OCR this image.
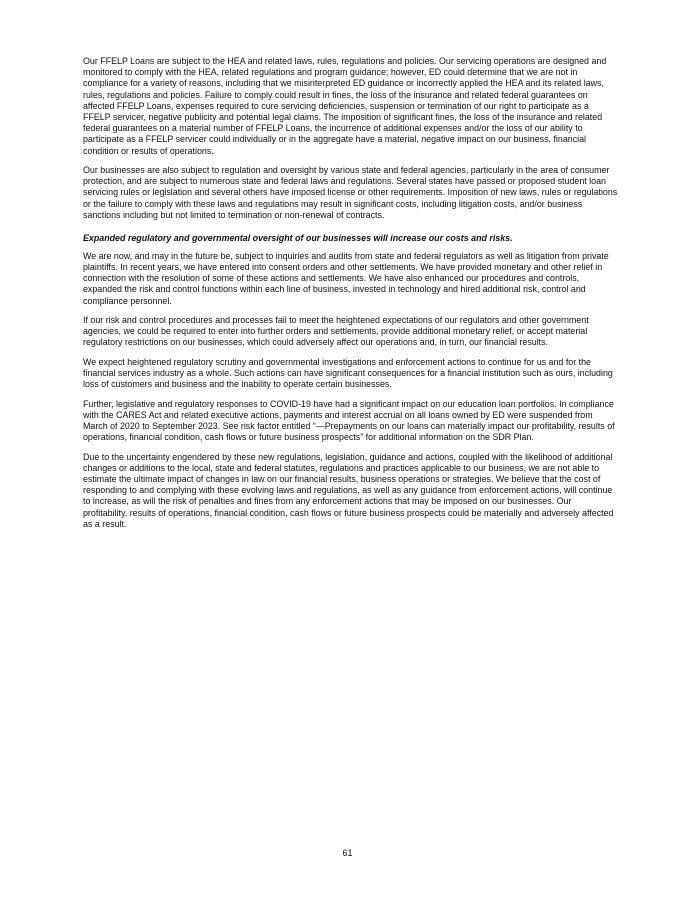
Our FFELP Loans are subject to the HEA and related laws, rules, regulations and policies. Our servicing operations are designed and monitored to comply with the HEA, related regulations and program guidance; however, ED could determine that we are not in compliance for a variety of reasons, including that we misinterpreted ED guidance or incorrectly applied the HEA and its related laws, rules, regulations and policies. Failure to comply could result in fines, the loss of the insurance and related federal guarantees on affected FFELP Loans, expenses required to cure servicing deficiencies, suspension or termination of our right to participate as a FFELP servicer, negative publicity and potential legal claims. The imposition of significant fines, the loss of the insurance and related federal guarantees on a material number of FFELP Loans, the incurrence of additional expenses and/or the loss of our ability to participate as a FFELP servicer could individually or in the aggregate have a material, negative impact on our business, financial condition or results of operations.

Our businesses are also subject to regulation and oversight by various state and federal agencies, particularly in the area of consumer protection, and are subject to numerous state and federal laws and regulations. Several states have passed or proposed student loan servicing rules or legislation and several others have imposed license or other requirements. Imposition of new laws, rules or regulations or the failure to comply with these laws and regulations may result in significant costs, including litigation costs, and/or business sanctions including but not limited to termination or non-renewal of contracts.

Expanded regulatory and governmental oversight of our businesses will increase our costs and risks.

We are now, and may in the future be, subject to inquiries and audits from state and federal regulators as well as litigation from private plaintiffs. In recent years, we have entered into consent orders and other settlements. We have provided monetary and other relief in connection with the resolution of some of these actions and settlements. We have also enhanced our procedures and controls, expanded the risk and control functions within each line of business, invested in technology and hired additional risk, control and compliance personnel.

If our risk and control procedures and processes fail to meet the heightened expectations of our regulators and other government agencies, we could be required to enter into further orders and settlements, provide additional monetary relief, or accept material regulatory restrictions on our businesses, which could adversely affect our operations and, in turn, our financial results.

We expect heightened regulatory scrutiny and governmental investigations and enforcement actions to continue for us and for the financial services industry as a whole. Such actions can have significant consequences for a financial institution such as ours, including loss of customers and business and the inability to operate certain businesses.

Further, legislative and regulatory responses to COVID-19 have had a significant impact on our education loan portfolios. In compliance with the CARES Act and related executive actions, payments and interest accrual on all loans owned by ED were suspended from March of 2020 to September 2023. See risk factor entitled “—Prepayments on our loans can materially impact our profitability, results of operations, financial condition, cash flows or future business prospects” for additional information on the SDR Plan.

Due to the uncertainty engendered by these new regulations, legislation, guidance and actions, coupled with the likelihood of additional changes or additions to the local, state and federal statutes, regulations and practices applicable to our business, we are not able to estimate the ultimate impact of changes in law on our financial results, business operations or strategies. We believe that the cost of responding to and complying with these evolving laws and regulations, as well as any guidance from enforcement actions, will continue to increase, as will the risk of penalties and fines from any enforcement actions that may be imposed on our businesses. Our profitability, results of operations, financial condition, cash flows or future business prospects could be materially and adversely affected as a result.

61
